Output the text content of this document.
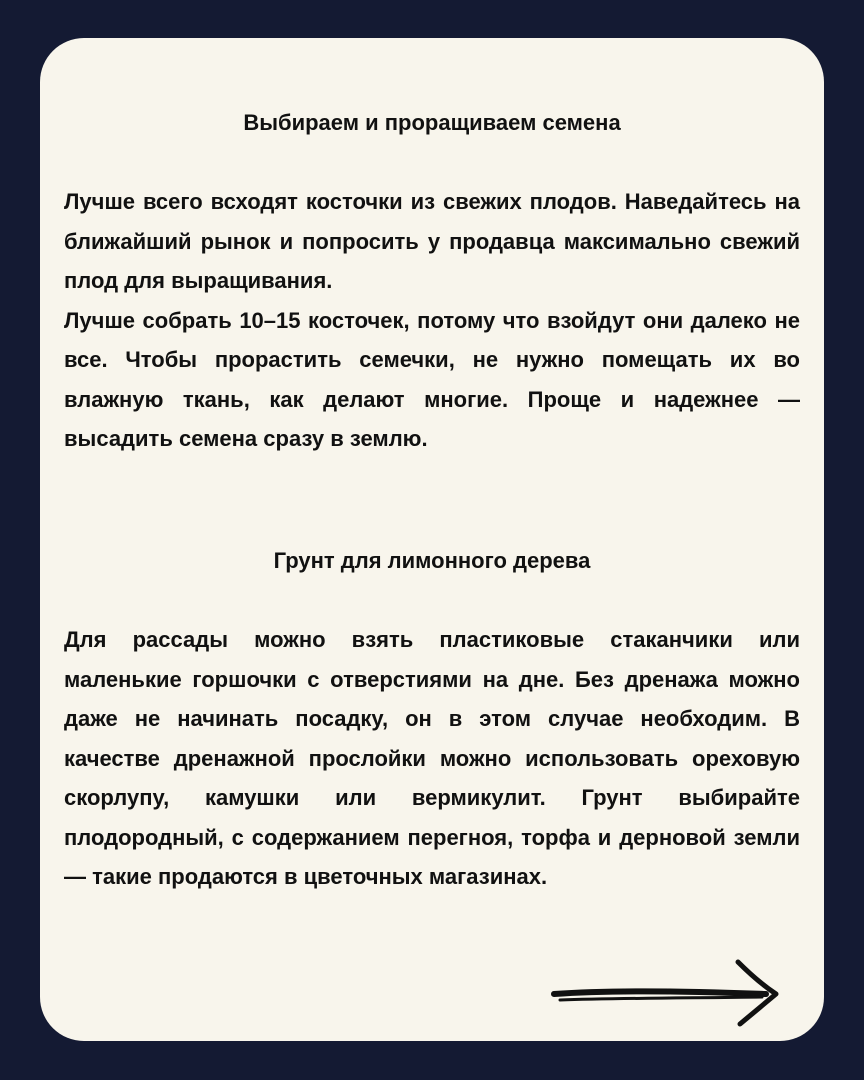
Выбираем и проращиваем семена

Лучше всего всходят косточки из свежих плодов. Наведайтесь на ближайший рынок и попросить у продавца максимально свежий плод для выращивания.

Лучше собрать 10–15 косточек, потому что взойдут они далеко не все. Чтобы прорастить семечки, не нужно помещать их во влажную ткань, как делают многие. Проще и надежнее — высадить семена сразу в землю.

Грунт для лимонного дерева

Для рассады можно взять пластиковые стаканчики или маленькие горшочки с отверстиями на дне. Без дренажа можно даже не начинать посадку, он в этом случае необходим. В качестве дренажной прослойки можно использовать ореховую скорлупу, камушки или вермикулит. Грунт выбирайте плодородный, с содержанием перегноя, торфа и дерновой земли — такие продаются в цветочных магазинах.
